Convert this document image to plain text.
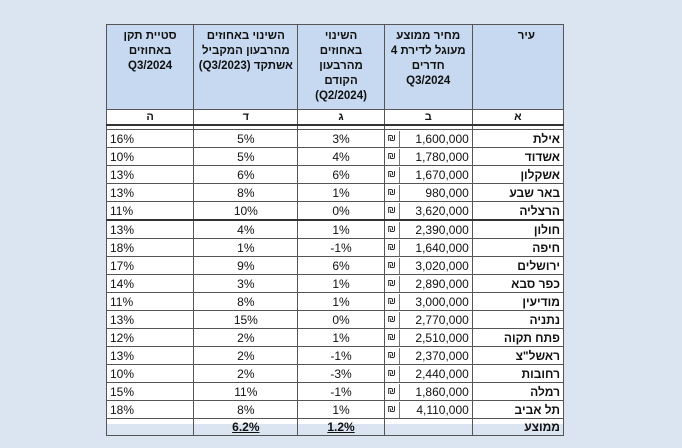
עיר	מחיר ממוצע מעוגל לדירת 4 חדרים Q3/2024	השינוי באחוזים מהרבעון הקודם (Q2/2024)	השינוי באחוזים מהרבעון המקביל אשתקד (Q3/2023)	סטיית תקן באחוזים Q3/2024
א	ב	ג	ד	ה

אילת	₪ 1,600,000	3%	5%	16%
אשדוד	₪ 1,780,000	4%	5%	10%
אשקלון	₪ 1,670,000	6%	6%	13%
באר שבע	₪ 980,000	1%	8%	13%
הרצליה	₪ 3,620,000	0%	10%	11%
חולון	₪ 2,390,000	1%	4%	13%
חיפה	₪ 1,640,000	-1%	1%	18%
ירושלים	₪ 3,020,000	6%	9%	17%
כפר סבא	₪ 2,890,000	1%	3%	14%
מודיעין	₪ 3,000,000	1%	8%	11%
נתניה	₪ 2,770,000	0%	15%	13%
פתח תקוה	₪ 2,510,000	1%	2%	12%
ראשל"צ	₪ 2,370,000	-1%	2%	13%
רחובות	₪ 2,440,000	-3%	2%	10%
רמלה	₪ 1,860,000	-1%	11%	15%
תל אביב	₪ 4,110,000	1%	8%	18%
ממוצע		1.2%	6.2%	
